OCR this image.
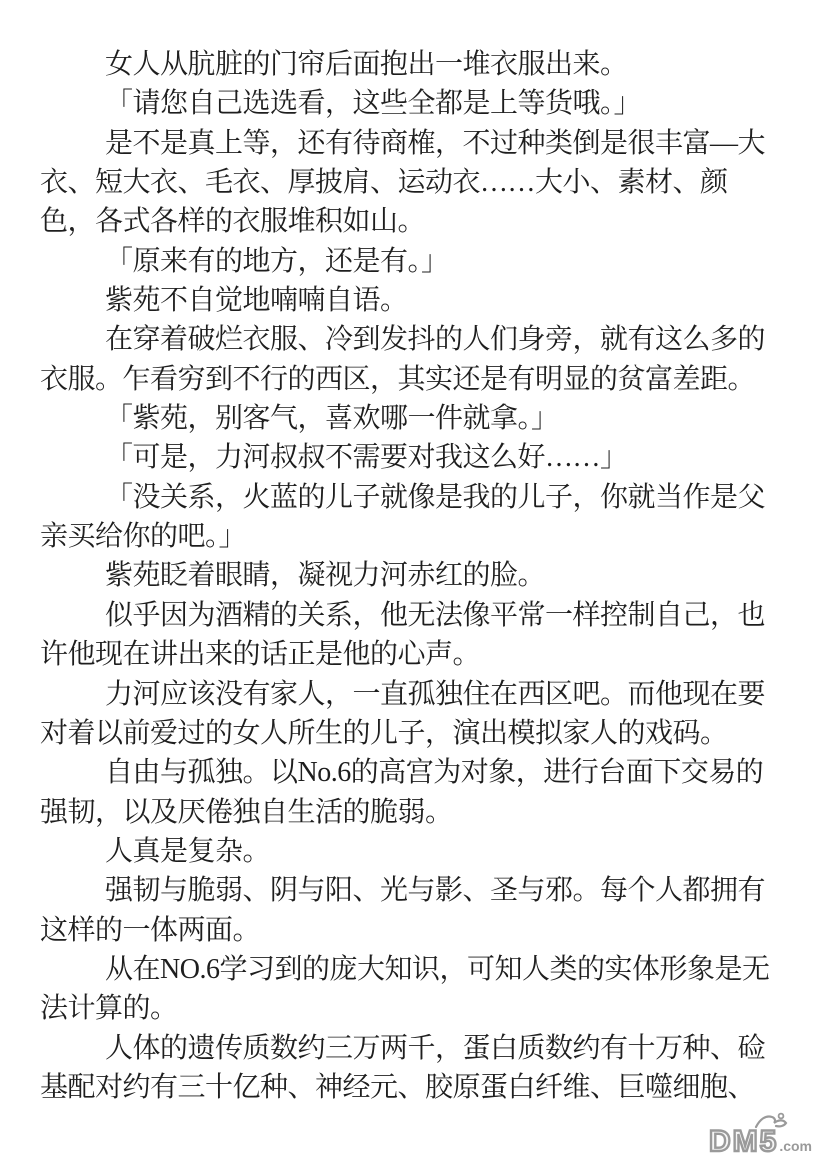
女人从肮脏的门帘后面抱出一堆衣服出来。
「请您自己选选看，这些全都是上等货哦。」
是不是真上等，还有待商榷，不过种类倒是很丰富—大
衣、短大衣、毛衣、厚披肩、运动衣……大小、素材、颜
色，各式各样的衣服堆积如山。
「原来有的地方，还是有。」
紫苑不自觉地喃喃自语。
在穿着破烂衣服、冷到发抖的人们身旁，就有这么多的
衣服。乍看穷到不行的西区，其实还是有明显的贫富差距。
「紫苑，别客气，喜欢哪一件就拿。」
「可是，力河叔叔不需要对我这么好……」
「没关系，火蓝的儿子就像是我的儿子，你就当作是父
亲买给你的吧。」
紫苑眨着眼睛，凝视力河赤红的脸。
似乎因为酒精的关系，他无法像平常一样控制自己，也
许他现在讲出来的话正是他的心声。
力河应该没有家人，一直孤独住在西区吧。而他现在要
对着以前爱过的女人所生的儿子，演出模拟家人的戏码。
自由与孤独。以No.6的高宫为对象，进行台面下交易的
强韧，以及厌倦独自生活的脆弱。
人真是复杂。
强韧与脆弱、阴与阳、光与影、圣与邪。每个人都拥有
这样的一体两面。
从在NO.6学习到的庞大知识，可知人类的实体形象是无
法计算的。
人体的遗传质数约三万两千，蛋白质数约有十万种、硷
基配对约有三十亿种、神经元、胶原蛋白纤维、巨噬细胞、
DM5 .com
